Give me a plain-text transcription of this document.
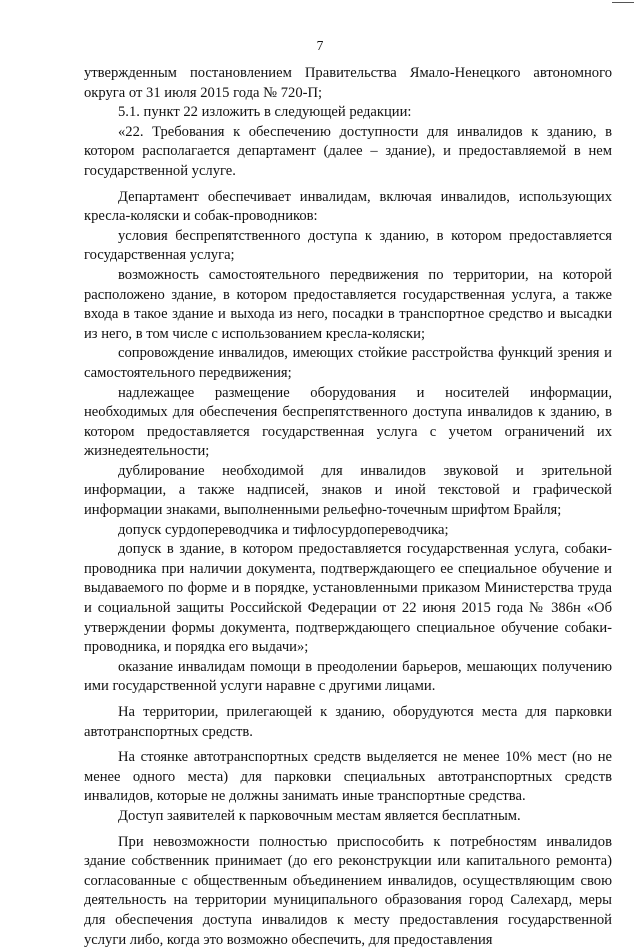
7

утвержденным постановлением Правительства Ямало-Ненецкого автономного округа от 31 июля 2015 года № 720-П;

5.1. пункт 22 изложить в следующей редакции:

«22. Требования к обеспечению доступности для инвалидов к зданию, в котором располагается департамент (далее – здание), и предоставляемой в нем государственной услуге.

Департамент обеспечивает инвалидам, включая инвалидов, использующих кресла-коляски и собак-проводников:

условия беспрепятственного доступа к зданию, в котором предоставляется государственная услуга;

возможность самостоятельного передвижения по территории, на которой расположено здание, в котором предоставляется государственная услуга, а также входа в такое здание и выхода из него, посадки в транспортное средство и высадки из него, в том числе с использованием кресла-коляски;

сопровождение инвалидов, имеющих стойкие расстройства функций зрения и самостоятельного передвижения;

надлежащее размещение оборудования и носителей информации, необходимых для обеспечения беспрепятственного доступа инвалидов к зданию, в котором предоставляется государственная услуга с учетом ограничений их жизнедеятельности;

дублирование необходимой для инвалидов звуковой и зрительной информации, а также надписей, знаков и иной текстовой и графической информации знаками, выполненными рельефно-точечным шрифтом Брайля;

допуск сурдопереводчика и тифлосурдопереводчика;

допуск в здание, в котором предоставляется государственная услуга, собаки-проводника при наличии документа, подтверждающего ее специальное обучение и выдаваемого по форме и в порядке, установленными приказом Министерства труда и социальной защиты Российской Федерации от 22 июня 2015 года № 386н «Об утверждении формы документа, подтверждающего специальное обучение собаки-проводника, и порядка его выдачи»;

оказание инвалидам помощи в преодолении барьеров, мешающих получению ими государственной услуги наравне с другими лицами.

На территории, прилегающей к зданию, оборудуются места для парковки автотранспортных средств.

На стоянке автотранспортных средств выделяется не менее 10% мест (но не менее одного места) для парковки специальных автотранспортных средств инвалидов, которые не должны занимать иные транспортные средства.

Доступ заявителей к парковочным местам является бесплатным.

При невозможности полностью приспособить к потребностям инвалидов здание собственник принимает (до его реконструкции или капитального ремонта) согласованные с общественным объединением инвалидов, осуществляющим свою деятельность на территории муниципального образования город Салехард, меры для обеспечения доступа инвалидов к месту предоставления государственной услуги либо, когда это возможно обеспечить, для предоставления
